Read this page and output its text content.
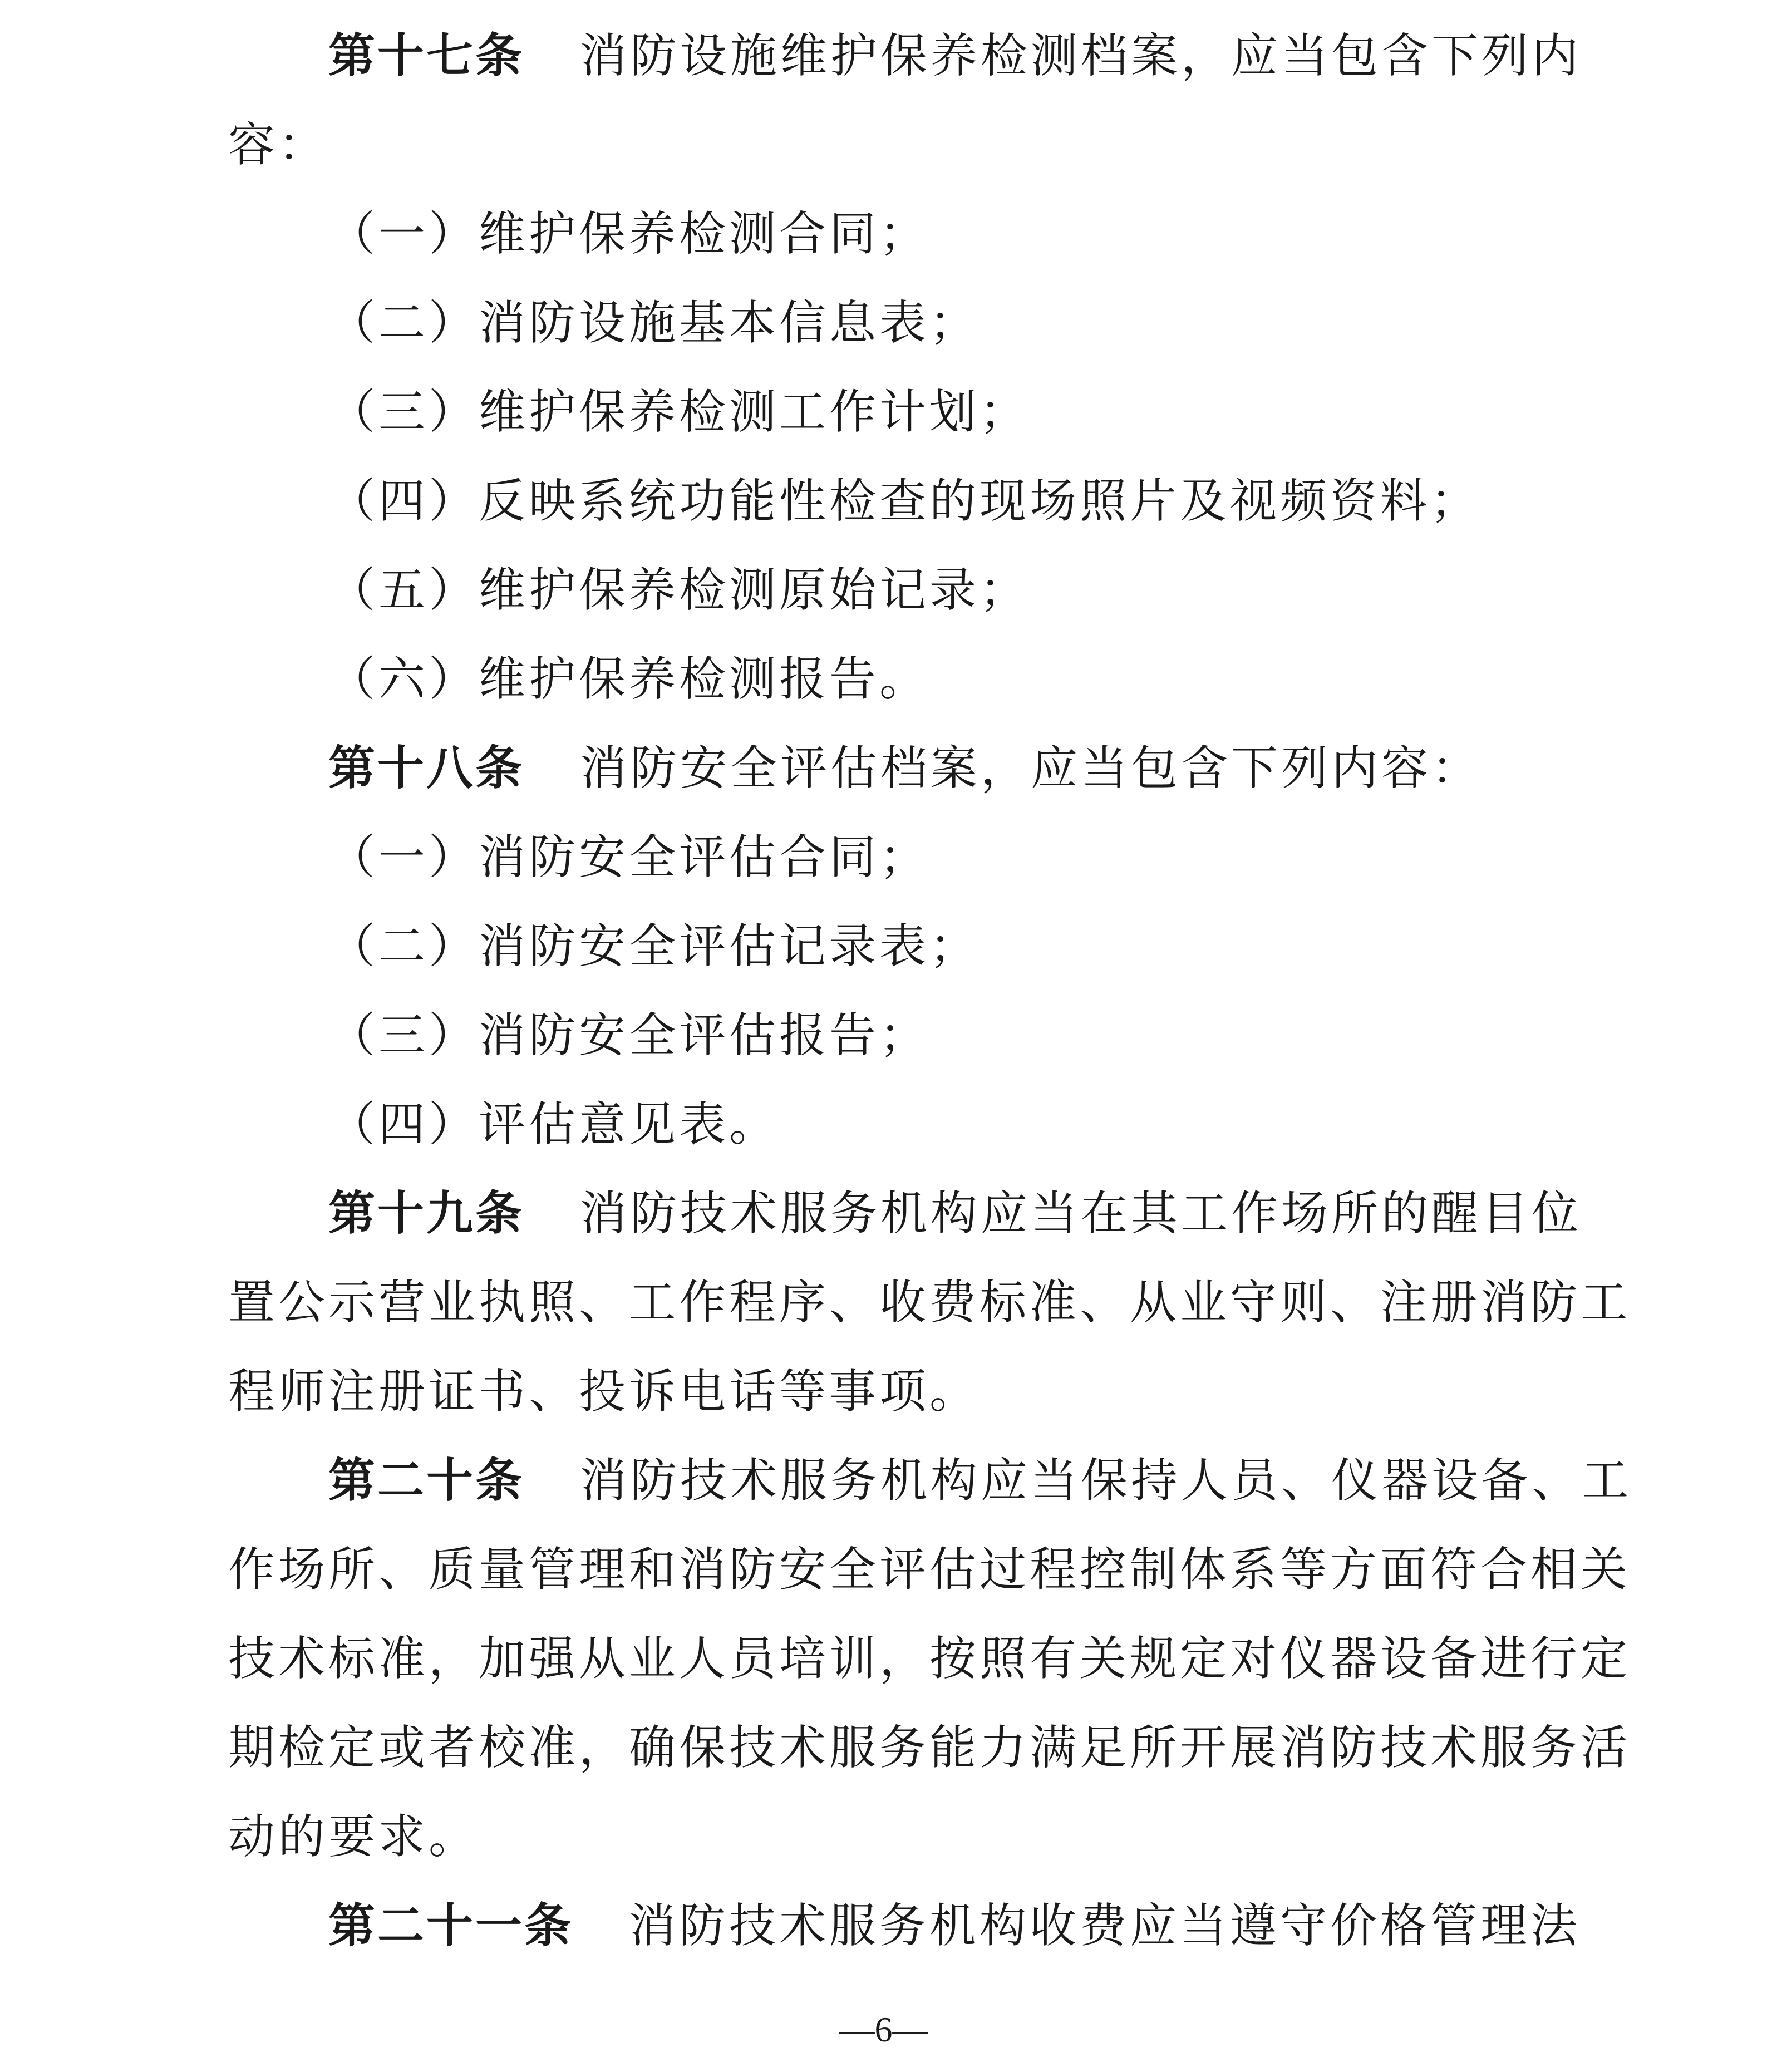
第十七条 消防设施维护保养检测档案，应当包含下列内
容：
（一）维护保养检测合同；
（二）消防设施基本信息表；
（三）维护保养检测工作计划；
（四）反映系统功能性检查的现场照片及视频资料；
（五）维护保养检测原始记录；
（六）维护保养检测报告。
第十八条 消防安全评估档案，应当包含下列内容：
（一）消防安全评估合同；
（二）消防安全评估记录表；
（三）消防安全评估报告；
（四）评估意见表。
第十九条 消防技术服务机构应当在其工作场所的醒目位
置公示营业执照、工作程序、收费标准、从业守则、注册消防工
程师注册证书、投诉电话等事项。
第二十条 消防技术服务机构应当保持人员、仪器设备、工
作场所、质量管理和消防安全评估过程控制体系等方面符合相关
技术标准，加强从业人员培训，按照有关规定对仪器设备进行定
期检定或者校准，确保技术服务能力满足所开展消防技术服务活
动的要求。
第二十一条 消防技术服务机构收费应当遵守价格管理法
—6—
